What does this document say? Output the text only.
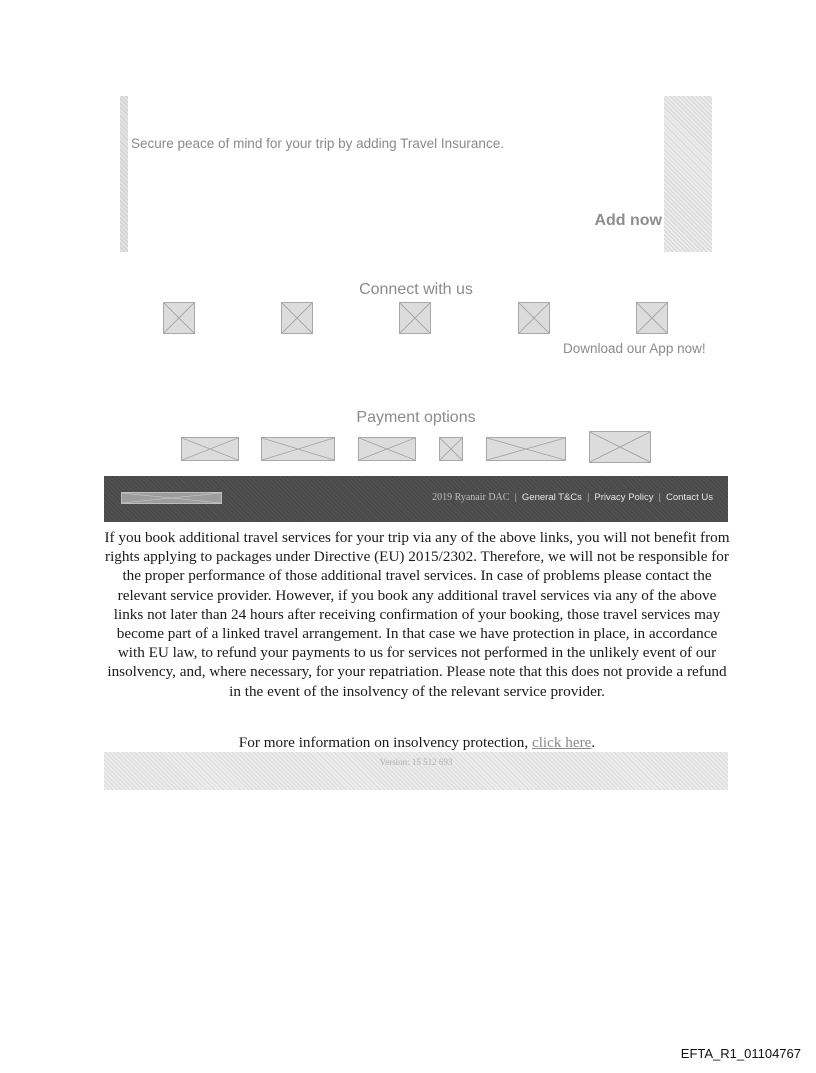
Secure peace of mind for your trip by adding Travel Insurance.
Add now
Connect with us
Download our App now!
Payment options
2019 Ryanair DAC | General T&Cs | Privacy Policy | Contact Us
If you book additional travel services for your trip via any of the above links, you will not benefit from rights applying to packages under Directive (EU) 2015/2302. Therefore, we will not be responsible for the proper performance of those additional travel services. In case of problems please contact the relevant service provider. However, if you book any additional travel services via any of the above links not later than 24 hours after receiving confirmation of your booking, those travel services may become part of a linked travel arrangement. In that case we have protection in place, in accordance with EU law, to refund your payments to us for services not performed in the unlikely event of our insolvency, and, where necessary, for your repatriation. Please note that this does not provide a refund in the event of the insolvency of the relevant service provider.
For more information on insolvency protection, click here.
Version: 15 512 693
EFTA_R1_01104767
